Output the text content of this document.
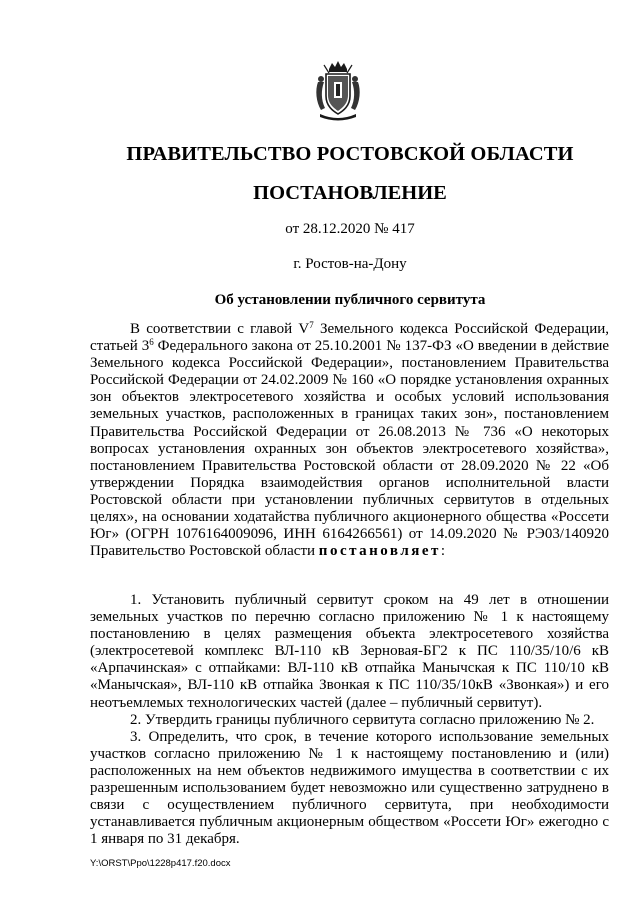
ПРАВИТЕЛЬСТВО РОСТОВСКОЙ ОБЛАСТИ
ПОСТАНОВЛЕНИЕ
от 28.12.2020 № 417
г. Ростов-на-Дону
Об установлении публичного сервитута

В соответствии с главой $V^7$ Земельного кодекса Российской Федерации, статьей $3^6$ Федерального закона от 25.10.2001 № 137-ФЗ «О введении в действие Земельного кодекса Российской Федерации», постановлением Правительства Российской Федерации от 24.02.2009 № 160 «О порядке установления охранных зон объектов электросетевого хозяйства и особых условий использования земельных участков, расположенных в границах таких зон», постановлением Правительства Российской Федерации от 26.08.2013 № 736 «О некоторых вопросах установления охранных зон объектов электросетевого хозяйства», постановлением Правительства Ростовской области от 28.09.2020 № 22 «Об утверждении Порядка взаимодействия органов исполнительной власти Ростовской области при установлении публичных сервитутов в отдельных целях», на основании ходатайства публичного акционерного общества «Россети Юг» (ОГРН 1076164009096, ИНН 6164266561) от 14.09.2020 № РЭ03/140920 Правительство Ростовской области постановляет:

1. Установить публичный сервитут сроком на 49 лет в отношении земельных участков по перечню согласно приложению № 1 к настоящему постановлению в целях размещения объекта электросетевого хозяйства (электросетевой комплекс ВЛ-110 кВ Зерновая-БГ2 к ПС 110/35/10/6 кВ «Арпачинская» с отпайками: ВЛ-110 кВ отпайка Манычская к ПС 110/10 кВ «Манычская», ВЛ-110 кВ отпайка Звонкая к ПС 110/35/10кВ «Звонкая») и его неотъемлемых технологических частей (далее – публичный сервитут).

2. Утвердить границы публичного сервитута согласно приложению № 2.

3. Определить, что срок, в течение которого использование земельных участков согласно приложению № 1 к настоящему постановлению и (или) расположенных на нем объектов недвижимого имущества в соответствии с их разрешенным использованием будет невозможно или существенно затруднено в связи с осуществлением публичного сервитута, при необходимости устанавливается публичным акционерным обществом «Россети Юг» ежегодно с 1 января по 31 декабря.

Y:\ORST\Ppo\1228p417.f20.docx
